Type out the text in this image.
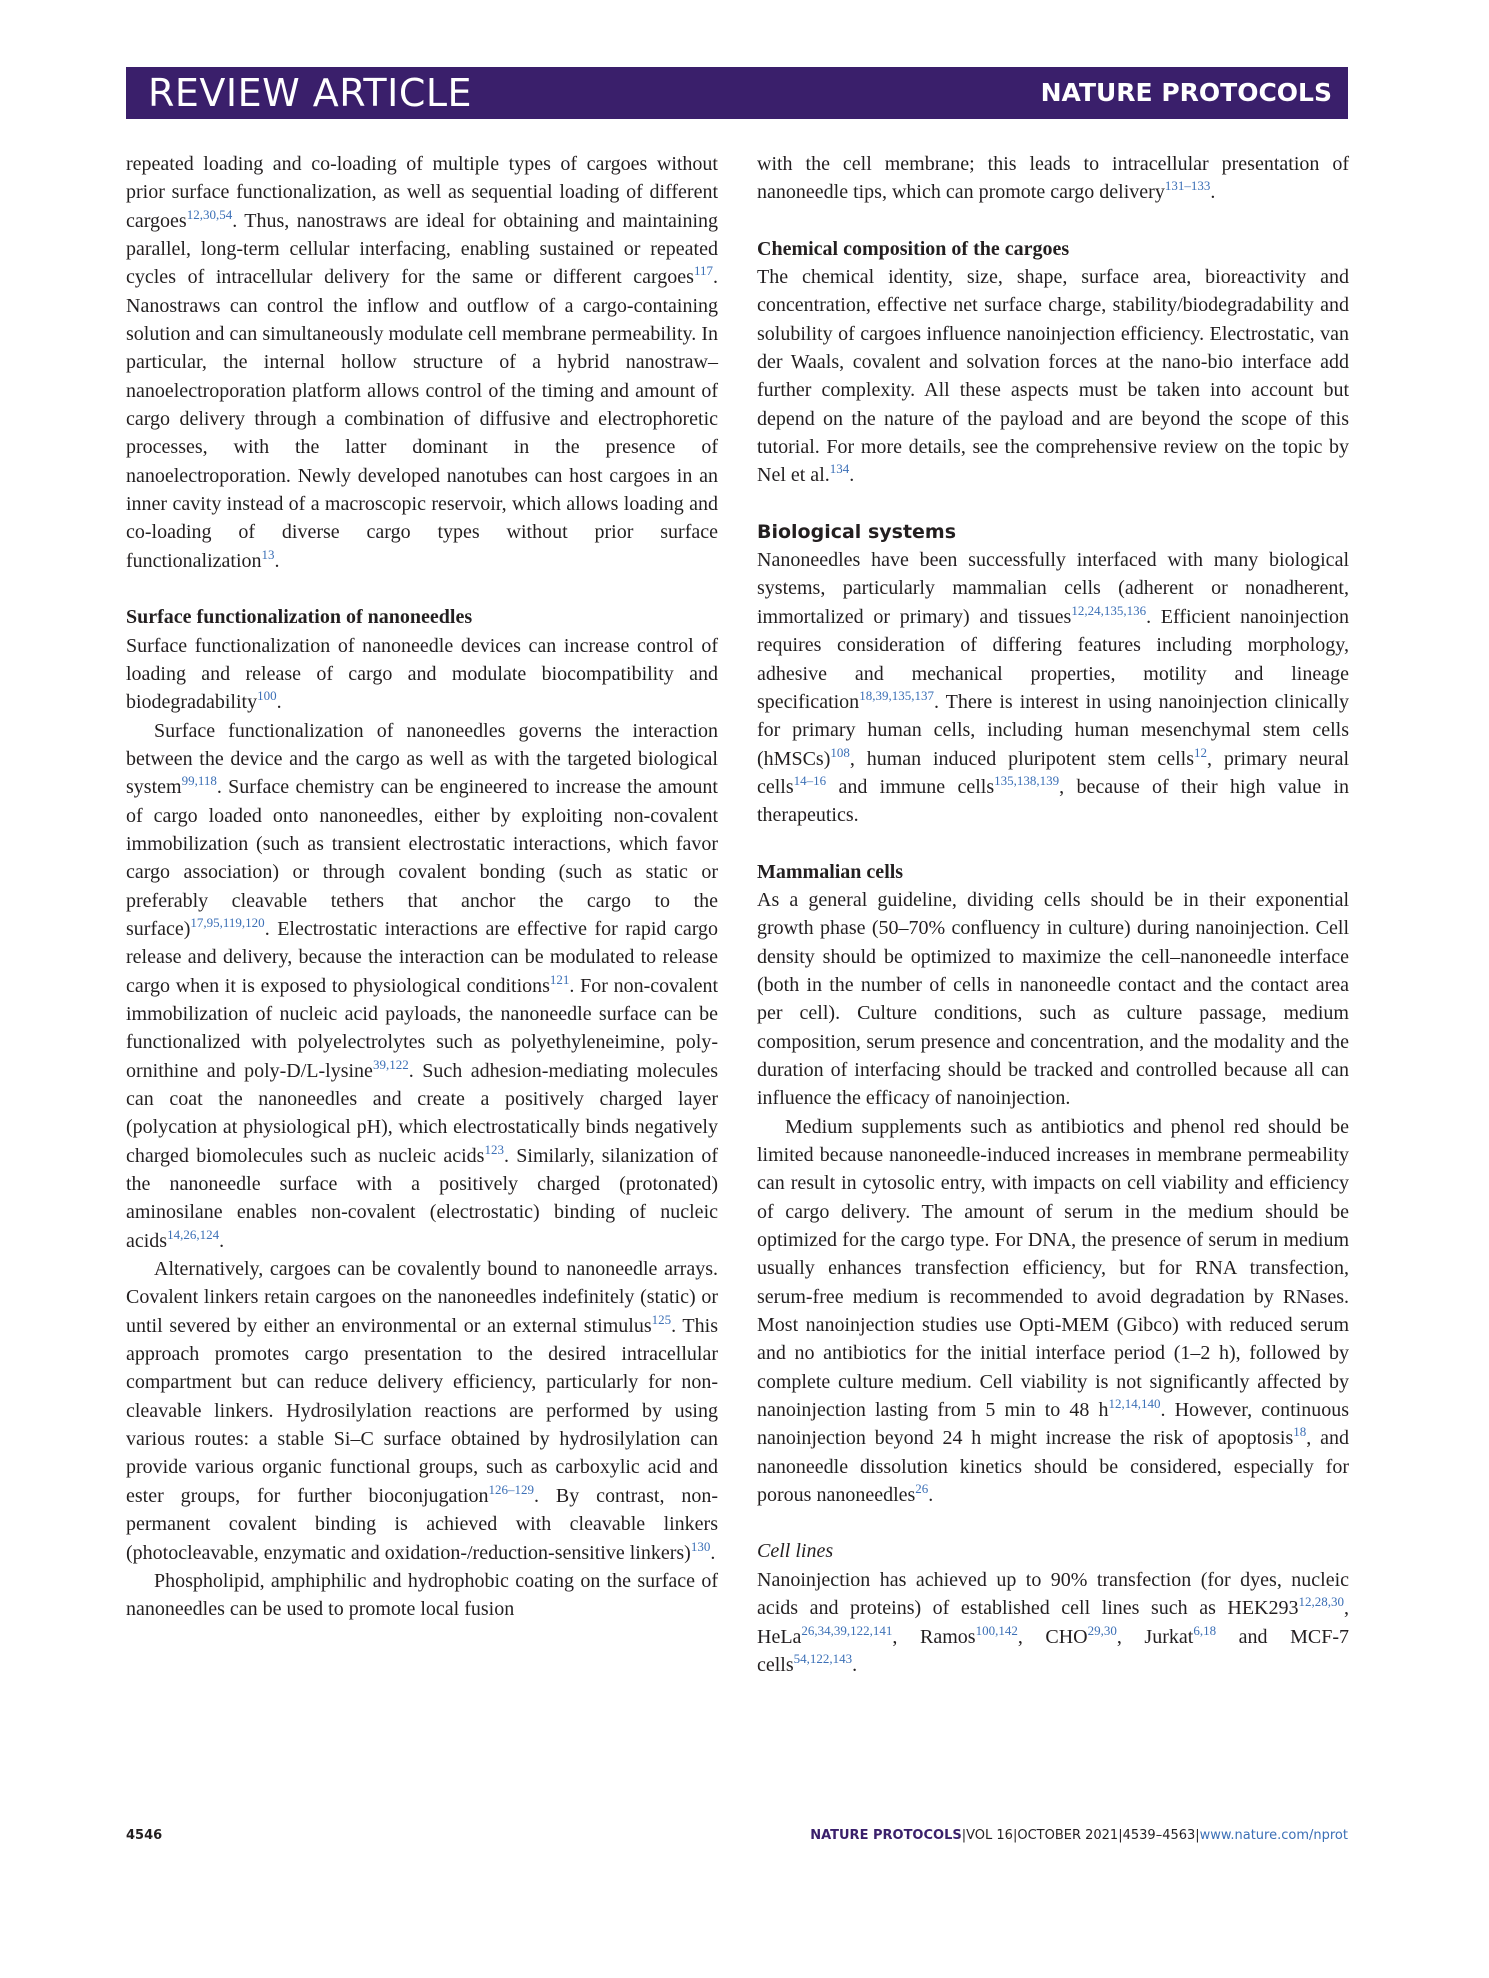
REVIEW ARTICLE	NATURE PROTOCOLS

repeated loading and co-loading of multiple types of cargoes without prior surface functionalization, as well as sequential loading of different cargoes$^{12,30,54}$. Thus, nanostraws are ideal for obtaining and maintaining parallel, long-term cellular interfacing, enabling sustained or repeated cycles of intracellular delivery for the same or different cargoes$^{117}$. Nanostraws can control the inflow and outflow of a cargo-containing solution and can simultaneously modulate cell membrane permeability. In particular, the internal hollow structure of a hybrid nanostraw–nanoelectroporation platform allows control of the timing and amount of cargo delivery through a combination of diffusive and electrophoretic processes, with the latter dominant in the presence of nanoelectroporation. Newly developed nanotubes can host cargoes in an inner cavity instead of a macroscopic reservoir, which allows loading and co-loading of diverse cargo types without prior surface functionalization$^{13}$.

Surface functionalization of nanoneedles

Surface functionalization of nanoneedle devices can increase control of loading and release of cargo and modulate biocompatibility and biodegradability$^{100}$.

Surface functionalization of nanoneedles governs the interaction between the device and the cargo as well as with the targeted biological system$^{99,118}$. Surface chemistry can be engineered to increase the amount of cargo loaded onto nanoneedles, either by exploiting non-covalent immobilization (such as transient electrostatic interactions, which favor cargo association) or through covalent bonding (such as static or preferably cleavable tethers that anchor the cargo to the surface)$^{17,95,119,120}$. Electrostatic interactions are effective for rapid cargo release and delivery, because the interaction can be modulated to release cargo when it is exposed to physiological conditions$^{121}$. For non-covalent immobilization of nucleic acid payloads, the nanoneedle surface can be functionalized with polyelectrolytes such as polyethyleneimine, poly-ornithine and poly-D/L-lysine$^{39,122}$. Such adhesion-mediating molecules can coat the nanoneedles and create a positively charged layer (polycation at physiological pH), which electrostatically binds negatively charged biomolecules such as nucleic acids$^{123}$. Similarly, silanization of the nanoneedle surface with a positively charged (protonated) aminosilane enables non-covalent (electrostatic) binding of nucleic acids$^{14,26,124}$.

Alternatively, cargoes can be covalently bound to nanoneedle arrays. Covalent linkers retain cargoes on the nanoneedles indefinitely (static) or until severed by either an environmental or an external stimulus$^{125}$. This approach promotes cargo presentation to the desired intracellular compartment but can reduce delivery efficiency, particularly for non-cleavable linkers. Hydrosilylation reactions are performed by using various routes: a stable Si–C surface obtained by hydrosilylation can provide various organic functional groups, such as carboxylic acid and ester groups, for further bioconjugation$^{126-129}$. By contrast, non-permanent covalent binding is achieved with cleavable linkers (photocleavable, enzymatic and oxidation-/reduction-sensitive linkers)$^{130}$.

Phospholipid, amphiphilic and hydrophobic coating on the surface of nanoneedles can be used to promote local fusion

with the cell membrane; this leads to intracellular presentation of nanoneedle tips, which can promote cargo delivery$^{131-133}$.

Chemical composition of the cargoes

The chemical identity, size, shape, surface area, bioreactivity and concentration, effective net surface charge, stability/biodegradability and solubility of cargoes influence nanoinjection efficiency. Electrostatic, van der Waals, covalent and solvation forces at the nano-bio interface add further complexity. All these aspects must be taken into account but depend on the nature of the payload and are beyond the scope of this tutorial. For more details, see the comprehensive review on the topic by Nel et al.$^{134}$.

Biological systems

Nanoneedles have been successfully interfaced with many biological systems, particularly mammalian cells (adherent or nonadherent, immortalized or primary) and tissues$^{12,24,135,136}$. Efficient nanoinjection requires consideration of differing features including morphology, adhesive and mechanical properties, motility and lineage specification$^{18,39,135,137}$. There is interest in using nanoinjection clinically for primary human cells, including human mesenchymal stem cells (hMSCs)$^{108}$, human induced pluripotent stem cells$^{12}$, primary neural cells$^{14-16}$ and immune cells$^{135,138,139}$, because of their high value in therapeutics.

Mammalian cells

As a general guideline, dividing cells should be in their exponential growth phase (50–70% confluency in culture) during nanoinjection. Cell density should be optimized to maximize the cell–nanoneedle interface (both in the number of cells in nanoneedle contact and the contact area per cell). Culture conditions, such as culture passage, medium composition, serum presence and concentration, and the modality and the duration of interfacing should be tracked and controlled because all can influence the efficacy of nanoinjection.

Medium supplements such as antibiotics and phenol red should be limited because nanoneedle-induced increases in membrane permeability can result in cytosolic entry, with impacts on cell viability and efficiency of cargo delivery. The amount of serum in the medium should be optimized for the cargo type. For DNA, the presence of serum in medium usually enhances transfection efficiency, but for RNA transfection, serum-free medium is recommended to avoid degradation by RNases. Most nanoinjection studies use Opti-MEM (Gibco) with reduced serum and no antibiotics for the initial interface period (1–2 h), followed by complete culture medium. Cell viability is not significantly affected by nanoinjection lasting from 5 min to 48 $h^{12,14,140}$. However, continuous nanoinjection beyond 24 h might increase the risk of apoptosis$^{18}$, and nanoneedle dissolution kinetics should be considered, especially for porous nanoneedles$^{26}$.

Cell lines

Nanoinjection has achieved up to 90% transfection (for dyes, nucleic acids and proteins) of established cell lines such as HEK293$^{12,28,30}$, HeLa$^{26,34,39,122,141}$, Ramos$^{100,142}$, CHO$^{29,30}$, Jurkat$^{6,18}$ and MCF-7 cells$^{54,122,143}$.

4546	NATURE PROTOCOLS|VOL 16|OCTOBER 2021|4539–4563|www.nature.com/nprot
